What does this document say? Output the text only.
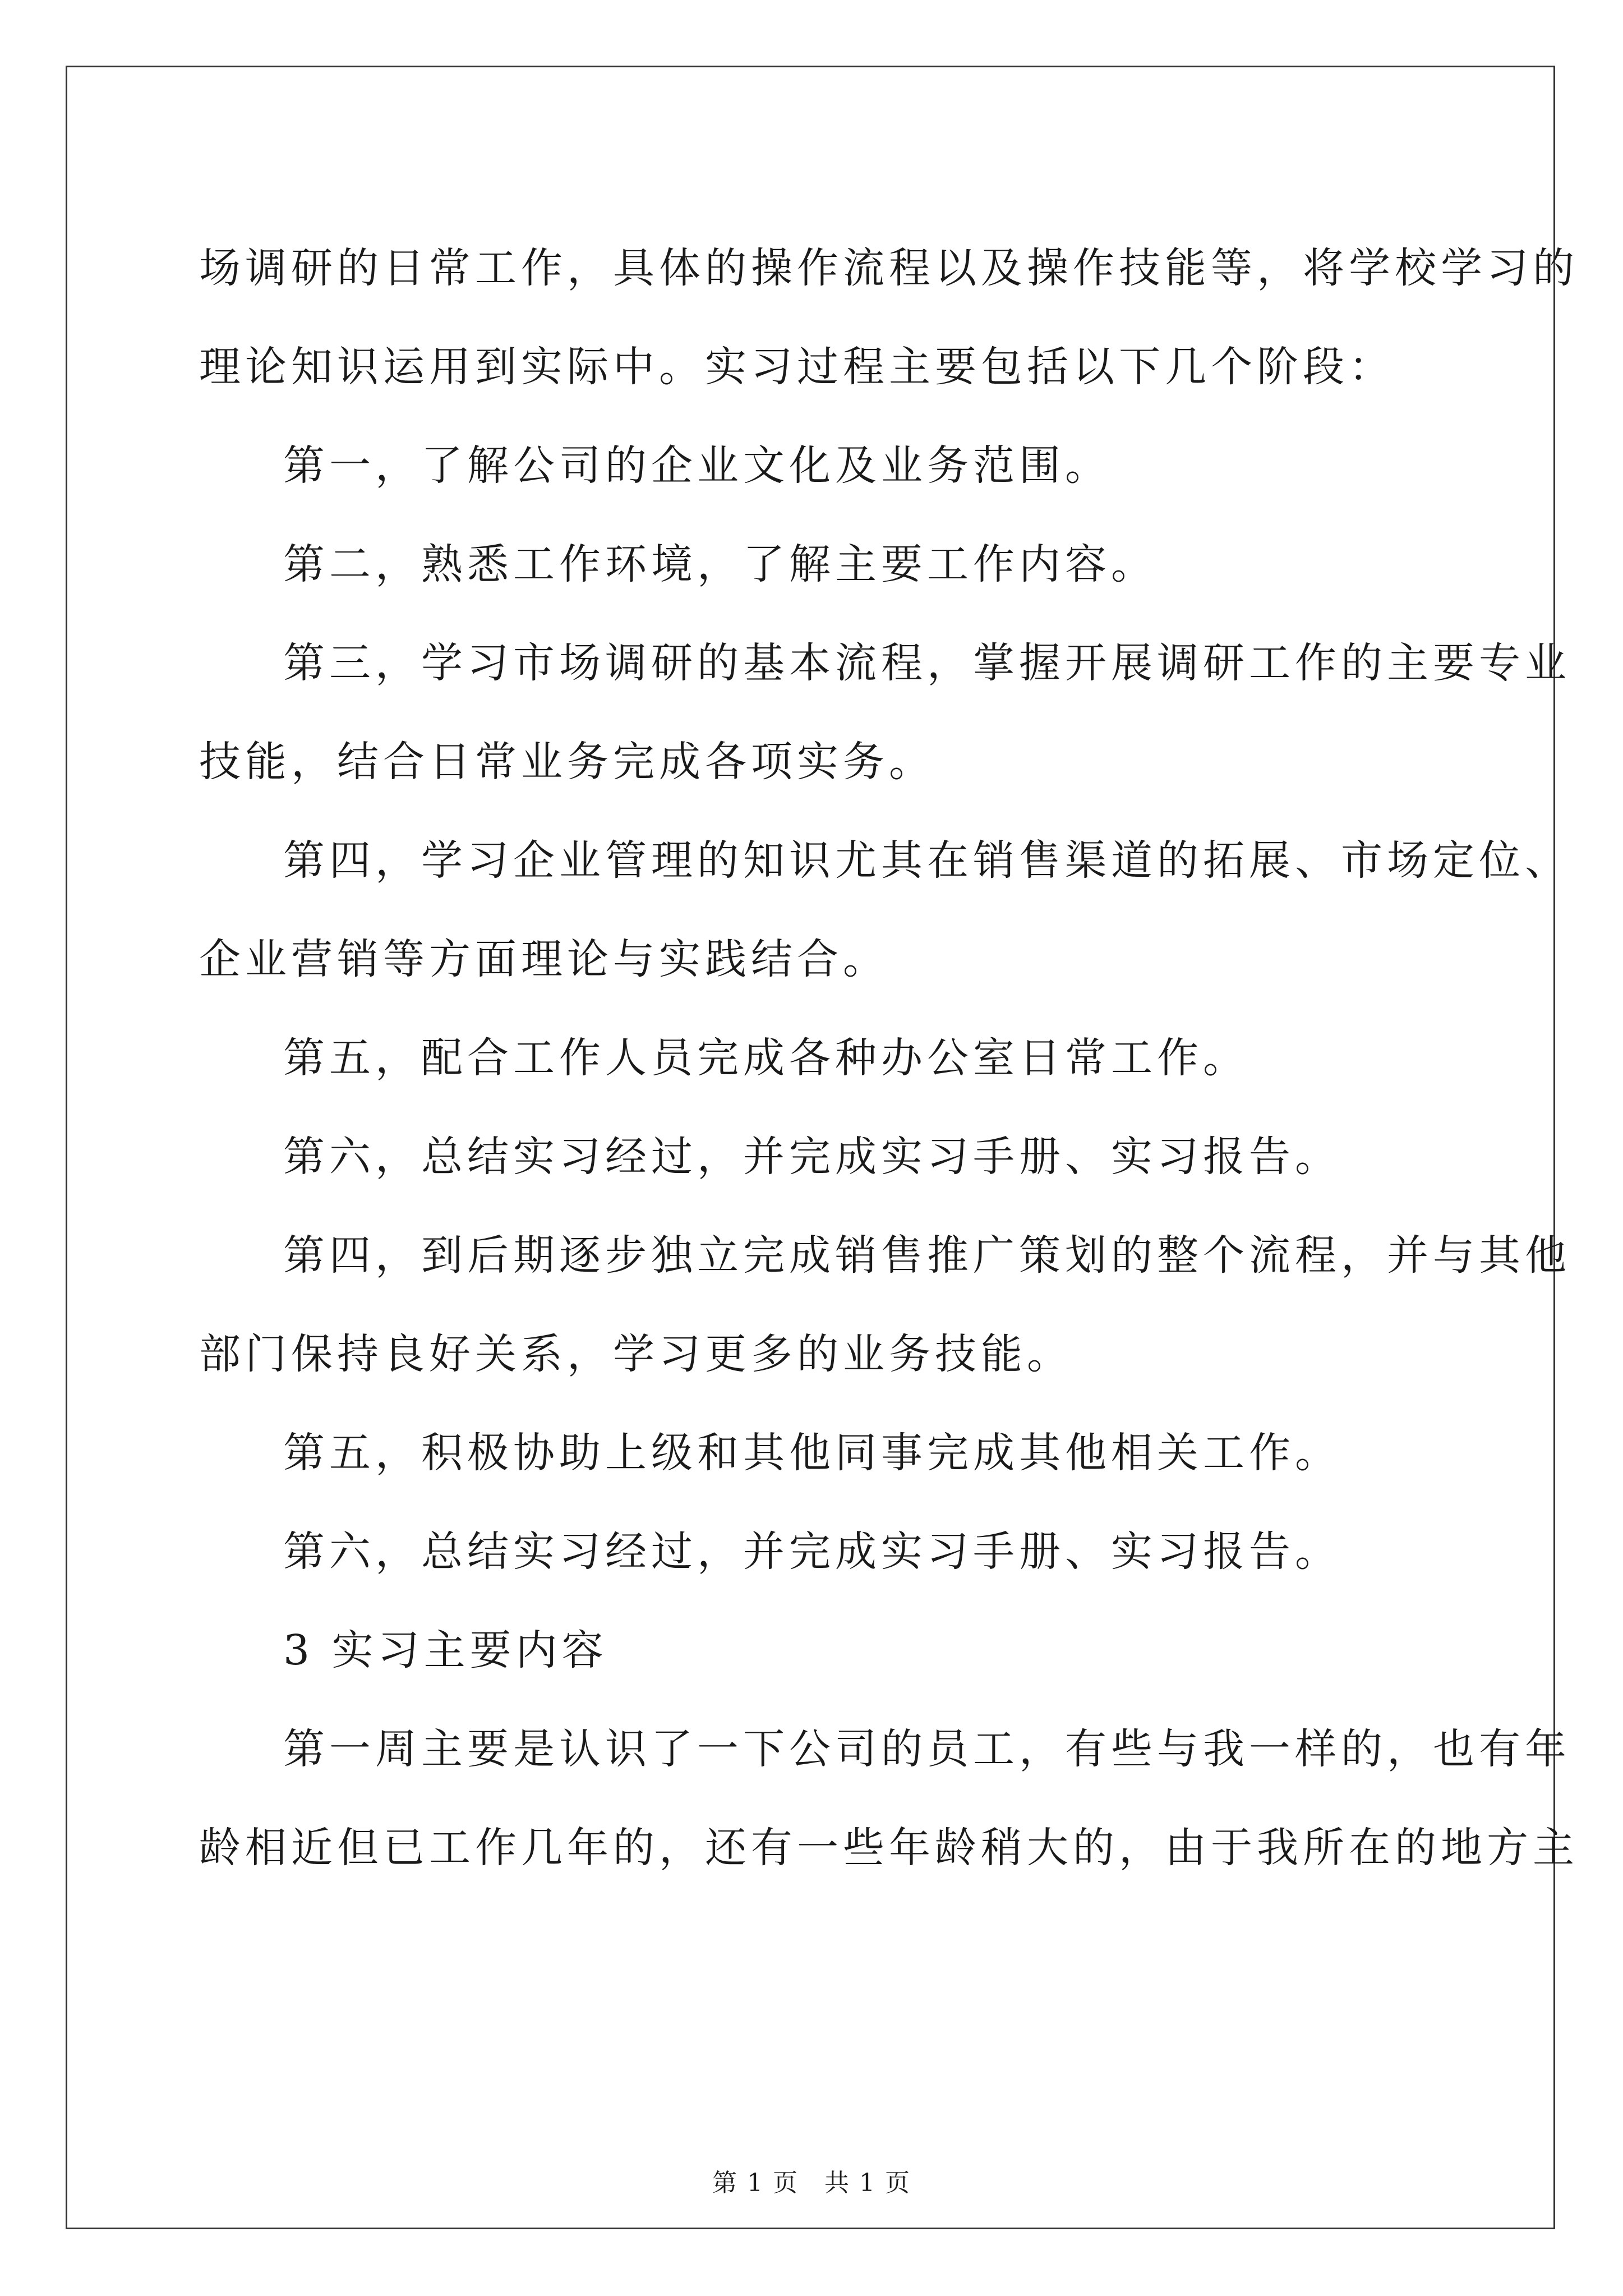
场调研的日常工作，具体的操作流程以及操作技能等，将学校学习的

理论知识运用到实际中。实习过程主要包括以下几个阶段：

第一，了解公司的企业文化及业务范围。

第二，熟悉工作环境，了解主要工作内容。

第三，学习市场调研的基本流程，掌握开展调研工作的主要专业

技能，结合日常业务完成各项实务。

第四，学习企业管理的知识尤其在销售渠道的拓展、市场定位、

企业营销等方面理论与实践结合。

第五，配合工作人员完成各种办公室日常工作。

第六，总结实习经过，并完成实习手册、实习报告。

第四，到后期逐步独立完成销售推广策划的整个流程，并与其他

部门保持良好关系，学习更多的业务技能。

第五，积极协助上级和其他同事完成其他相关工作。

第六，总结实习经过，并完成实习手册、实习报告。

3 实习主要内容

第一周主要是认识了一下公司的员工，有些与我一样的，也有年

龄相近但已工作几年的，还有一些年龄稍大的，由于我所在的地方主

第 1 页　共 1 页
